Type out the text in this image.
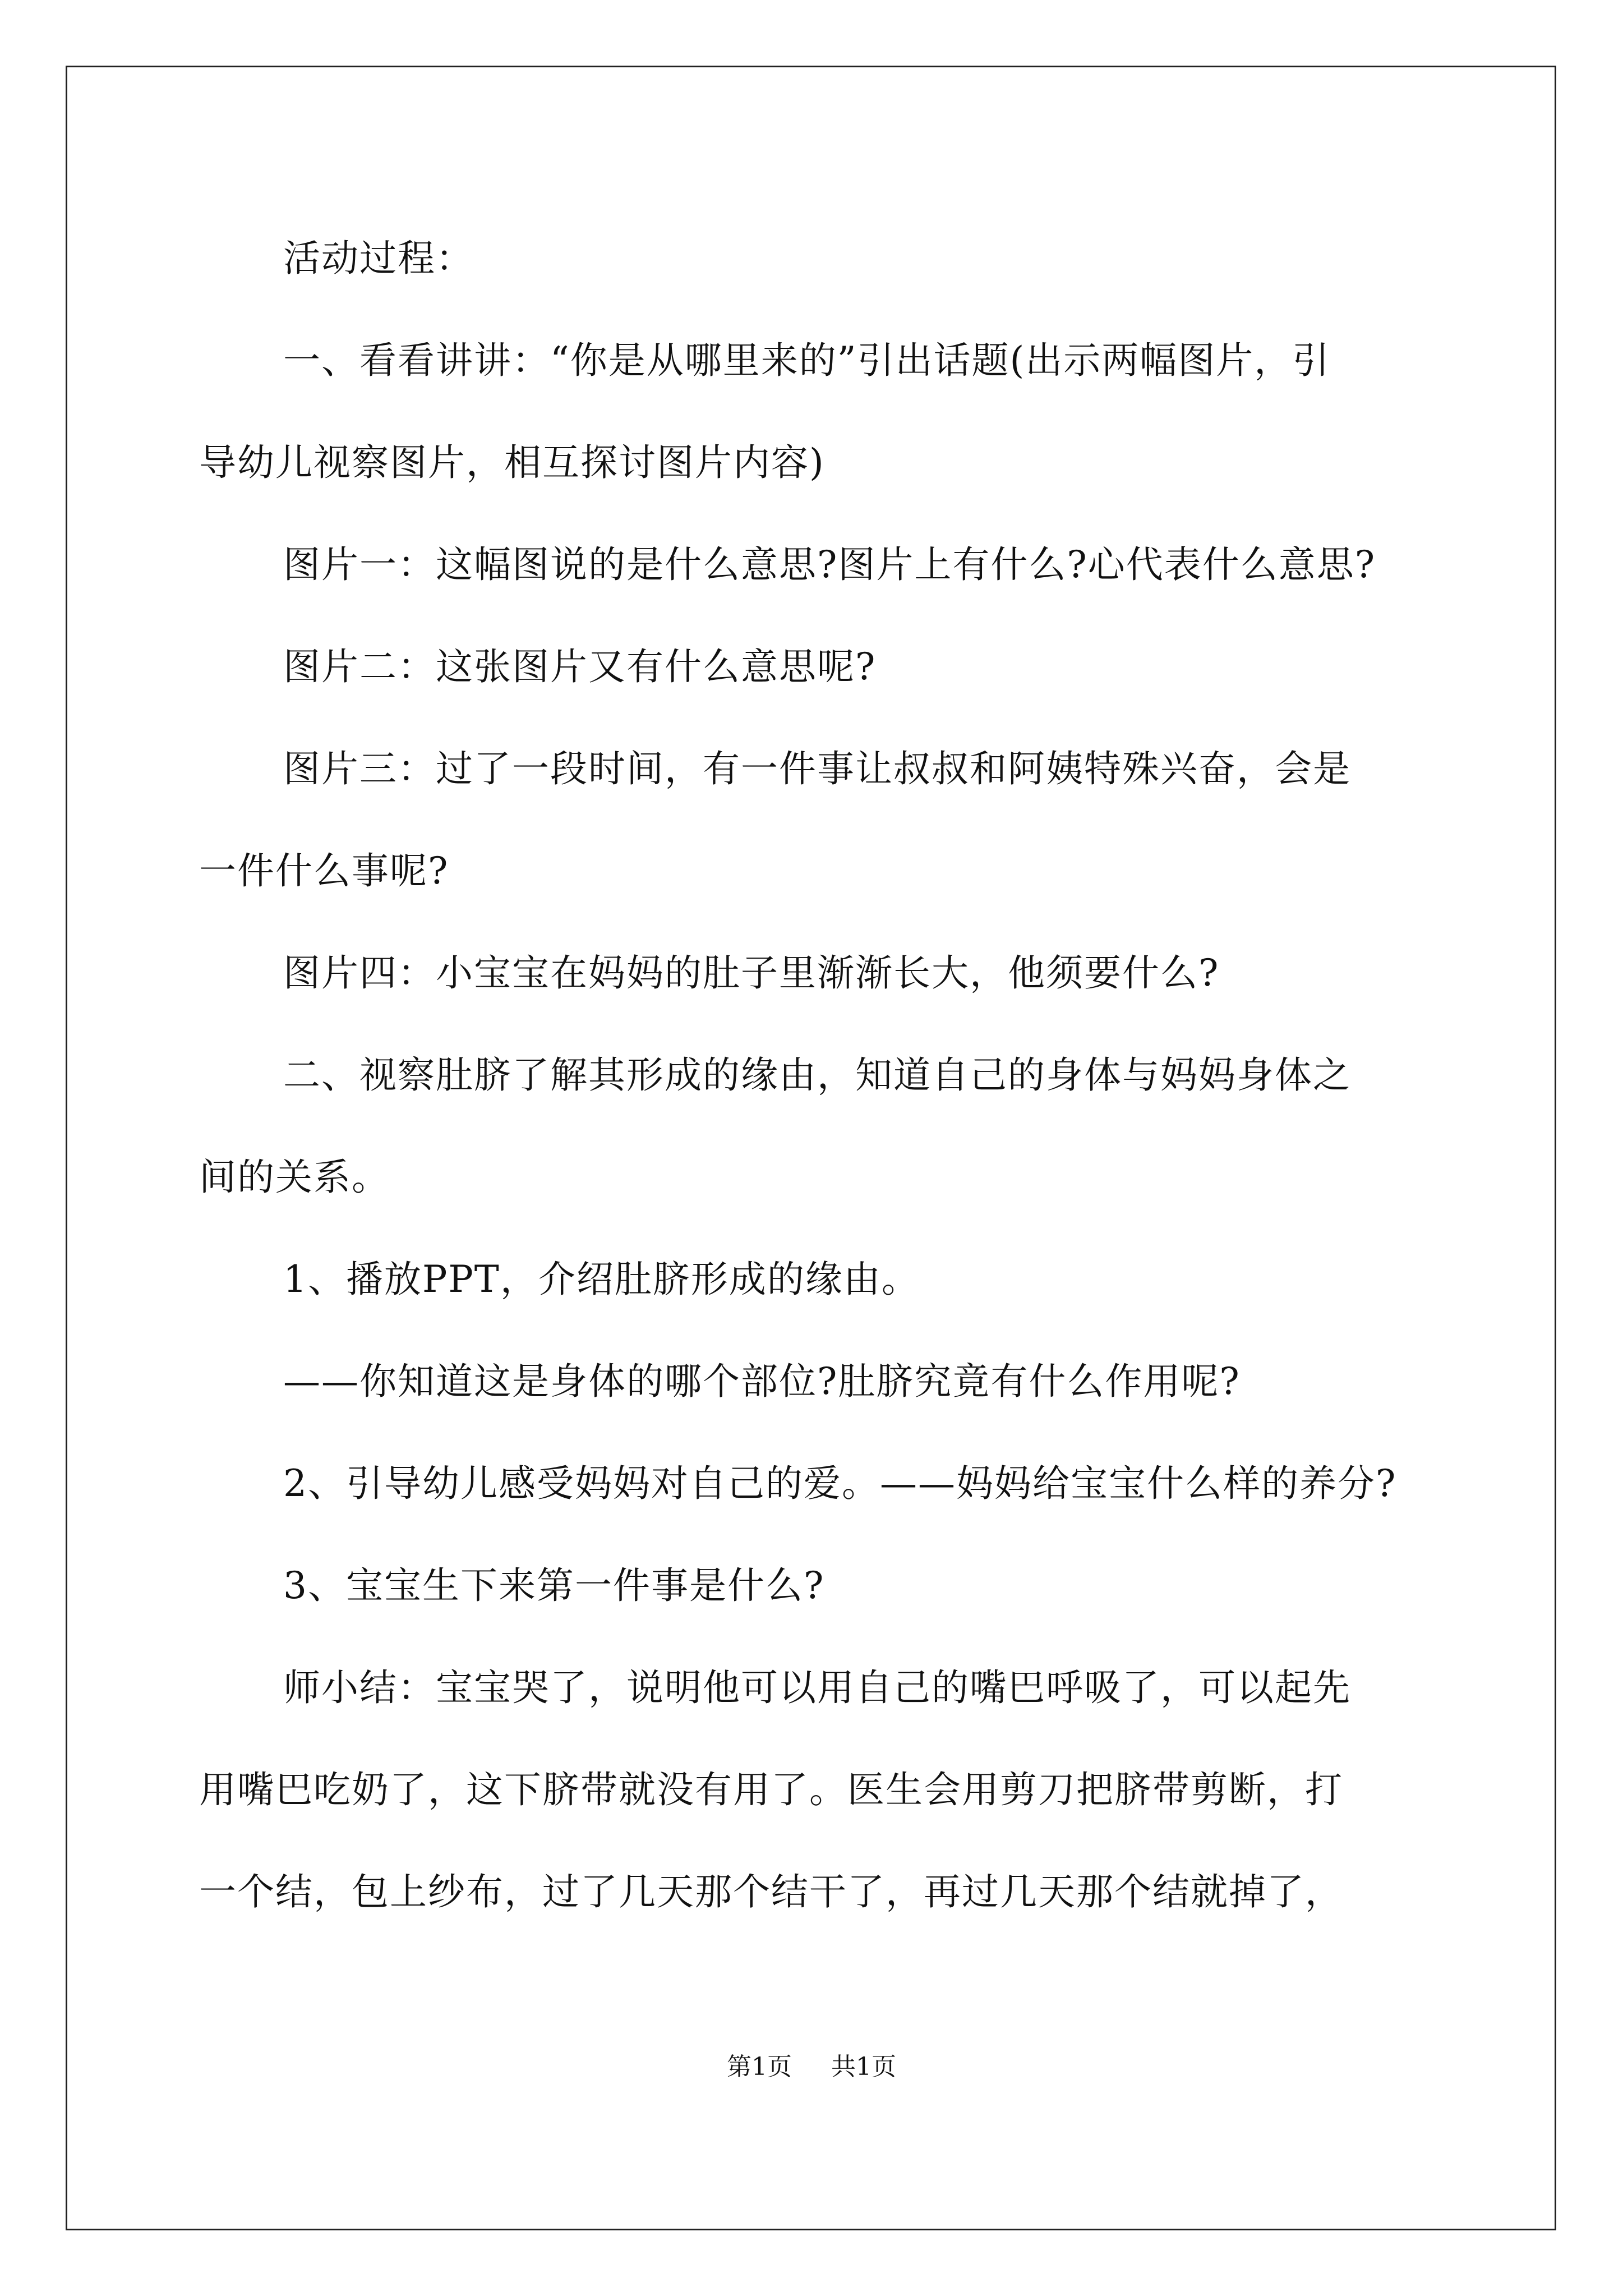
活动过程：

一、看看讲讲：“你是从哪里来的”引出话题(出示两幅图片，引

导幼儿视察图片，相互探讨图片内容)

图片一：这幅图说的是什么意思?图片上有什么?心代表什么意思?

图片二：这张图片又有什么意思呢?

图片三：过了一段时间，有一件事让叔叔和阿姨特殊兴奋，会是

一件什么事呢?

图片四：小宝宝在妈妈的肚子里渐渐长大，他须要什么?

二、视察肚脐了解其形成的缘由，知道自己的身体与妈妈身体之

间的关系。

1、播放PPT，介绍肚脐形成的缘由。

——你知道这是身体的哪个部位?肚脐究竟有什么作用呢?

2、引导幼儿感受妈妈对自己的爱。——妈妈给宝宝什么样的养分?

3、宝宝生下来第一件事是什么?

师小结：宝宝哭了，说明他可以用自己的嘴巴呼吸了，可以起先

用嘴巴吃奶了，这下脐带就没有用了。医生会用剪刀把脐带剪断，打

一个结，包上纱布，过了几天那个结干了，再过几天那个结就掉了，

第1页 共1页
